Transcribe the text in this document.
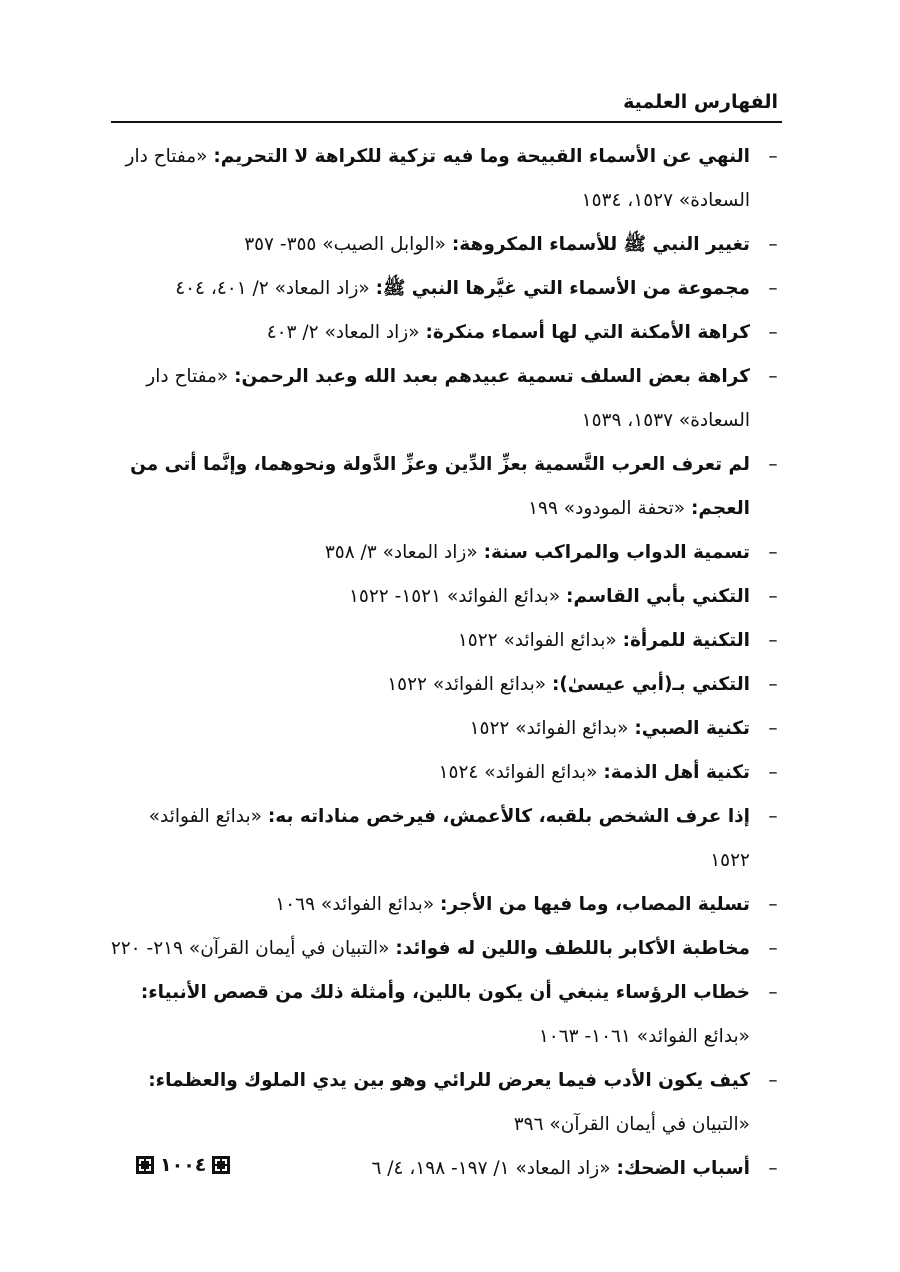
الفهارس العلمية
–
النهي عن الأسماء القبيحة وما فيه تزكية للكراهة لا التحريم: «مفتاح دار السعادة» ١٥٢٧، ١٥٣٤
–
تغيير النبي ﷺ للأسماء المكروهة: «الوابل الصيب» ٣٥٥- ٣٥٧
–
مجموعة من الأسماء التي غيَّرها النبي ﷺ: «زاد المعاد» ٢/ ٤٠١، ٤٠٤
–
كراهة الأمكنة التي لها أسماء منكرة: «زاد المعاد» ٢/ ٤٠٣
–
كراهة بعض السلف تسمية عبيدهم بعبد الله وعبد الرحمن: «مفتاح دار السعادة» ١٥٣٧، ١٥٣٩
–
لم تعرف العرب التَّسمية بعزِّ الدِّين وعزِّ الدَّولة ونحوهما، وإنَّما أتى من العجم: «تحفة المودود» ١٩٩
–
تسمية الدواب والمراكب سنة: «زاد المعاد» ٣/ ٣٥٨
–
التكني بأبي القاسم: «بدائع الفوائد» ١٥٢١- ١٥٢٢
–
التكنية للمرأة: «بدائع الفوائد» ١٥٢٢
–
التكني بـ(أبي عيسىٰ): «بدائع الفوائد» ١٥٢٢
–
تكنية الصبي: «بدائع الفوائد» ١٥٢٢
–
تكنية أهل الذمة: «بدائع الفوائد» ١٥٢٤
–
إذا عرف الشخص بلقبه، كالأعمش، فيرخص مناداته به: «بدائع الفوائد» ١٥٢٢
–
تسلية المصاب، وما فيها من الأجر: «بدائع الفوائد» ١٠٦٩
–
مخاطبة الأكابر باللطف واللين له فوائد: «التبيان في أيمان القرآن» ٢١٩- ٢٢٠
–
خطاب الرؤساء ينبغي أن يكون باللين، وأمثلة ذلك من قصص الأنبياء: «بدائع الفوائد» ١٠٦١- ١٠٦٣
–
كيف يكون الأدب فيما يعرض للرائي وهو بين يدي الملوك والعظماء: «التبيان في أيمان القرآن» ٣٩٦
–
أسباب الضحك: «زاد المعاد» ١/ ١٩٧- ١٩٨، ٤/ ٦
١٠٠٤
